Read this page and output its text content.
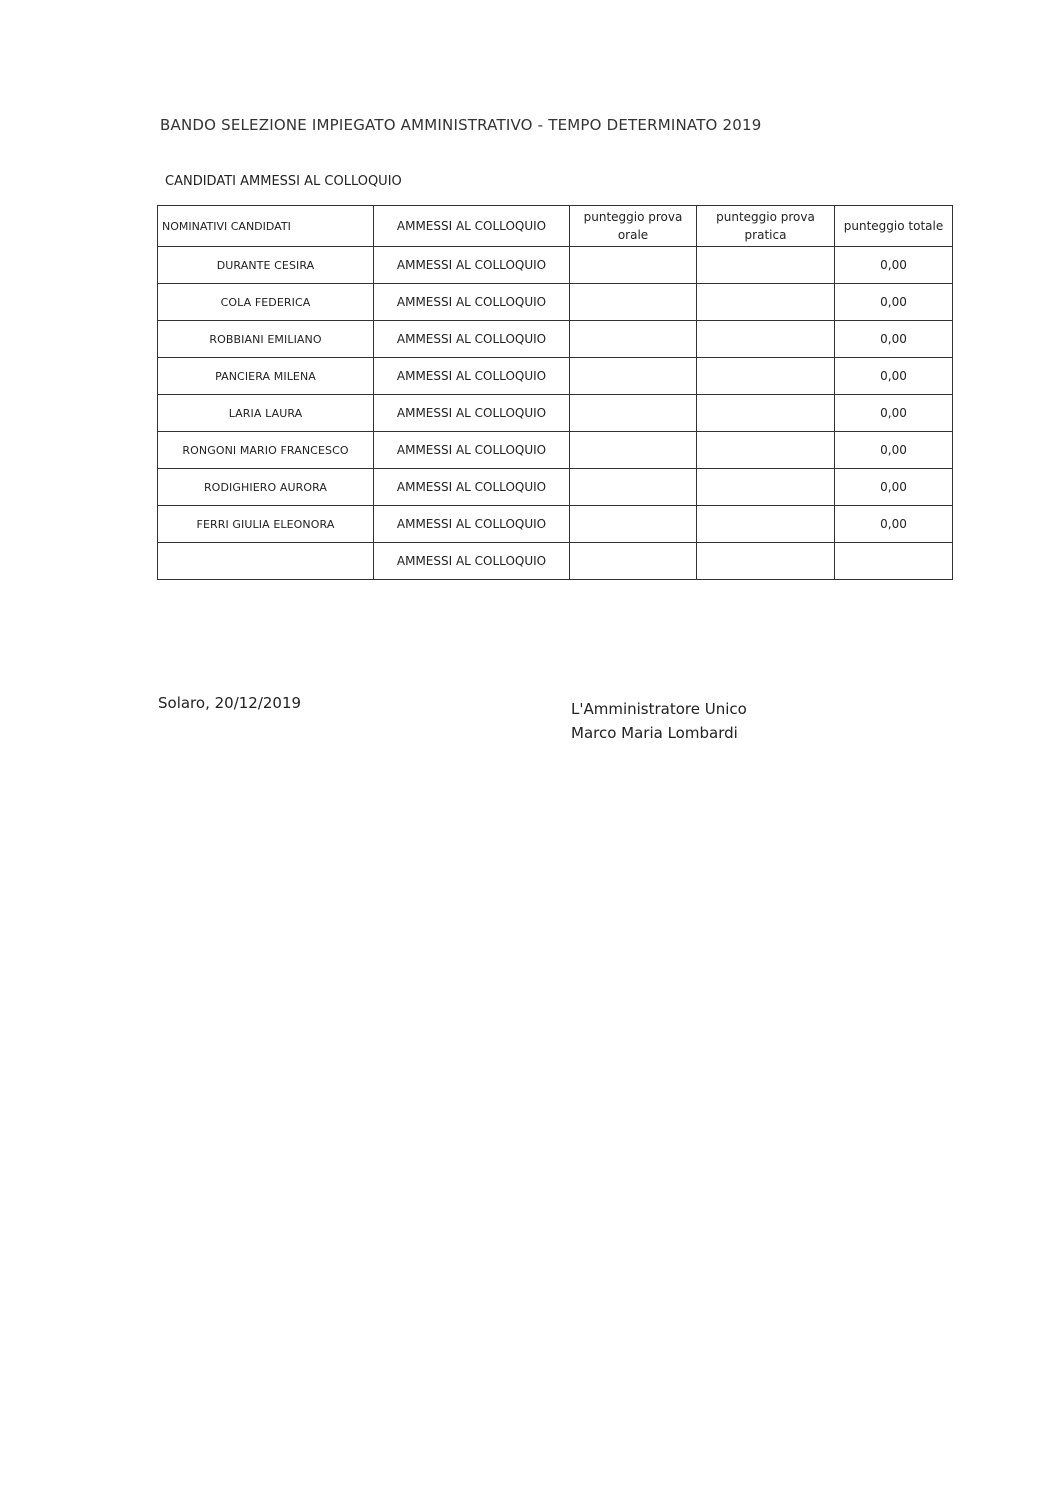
BANDO SELEZIONE IMPIEGATO AMMINISTRATIVO - TEMPO DETERMINATO 2019
CANDIDATI AMMESSI AL COLLOQUIO
NOMINATIVI CANDIDATI	AMMESSI AL COLLOQUIO	punteggio prova orale	punteggio prova pratica	punteggio totale
DURANTE CESIRA	AMMESSI AL COLLOQUIO			0,00
COLA FEDERICA	AMMESSI AL COLLOQUIO			0,00
ROBBIANI EMILIANO	AMMESSI AL COLLOQUIO			0,00
PANCIERA MILENA	AMMESSI AL COLLOQUIO			0,00
LARIA LAURA	AMMESSI AL COLLOQUIO			0,00
RONGONI MARIO FRANCESCO	AMMESSI AL COLLOQUIO			0,00
RODIGHIERO AURORA	AMMESSI AL COLLOQUIO			0,00
FERRI GIULIA ELEONORA	AMMESSI AL COLLOQUIO			0,00
	AMMESSI AL COLLOQUIO			
Solaro, 20/12/2019	L'Amministratore Unico
Marco Maria Lombardi
